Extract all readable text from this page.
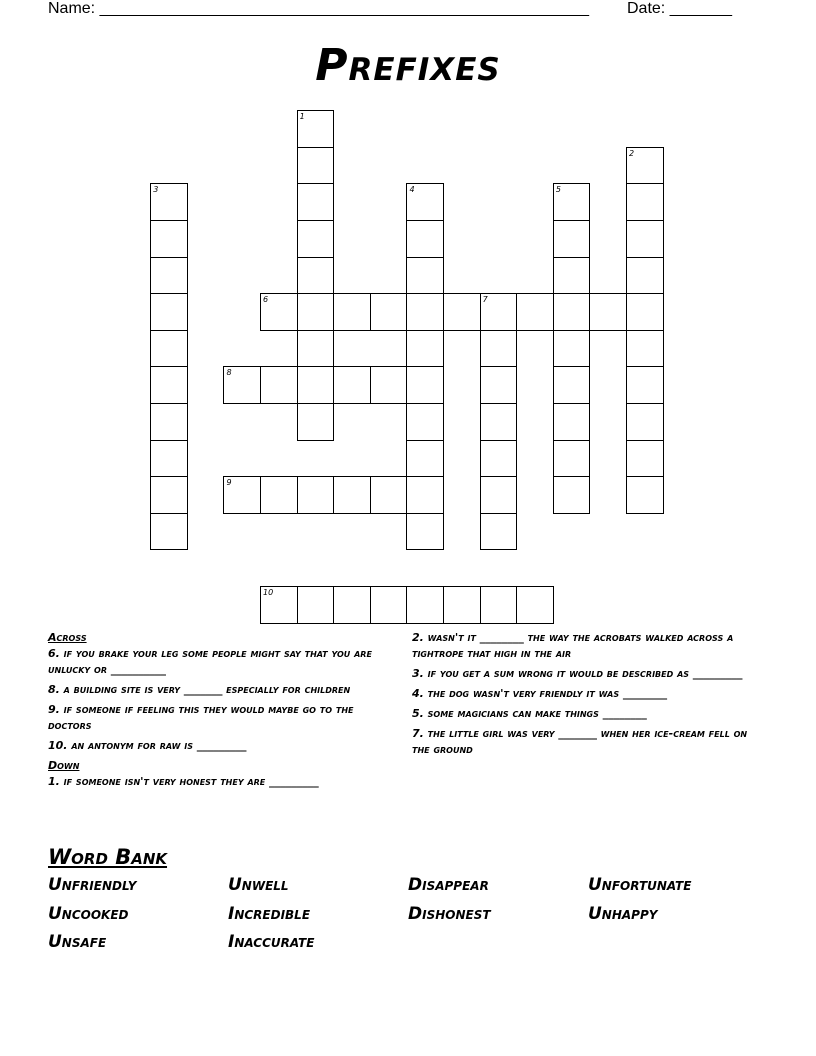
Name: _______________________________________________________ Date: _______
Prefixes
1
2
3	4	5
6	7
8
9
10
Across
6. if you brake your leg some people might say that you are unlucky or __________
8. a building site is very _______ especially for children
9. if someone if feeling this they would maybe go to the doctors
10. an antonym for raw is _________
Down
1. if someone isn't very honest they are _________
2. wasn't it ________ the way the acrobats walked across a tightrope that high in the air
3. if you get a sum wrong it would be described as _________
4. the dog wasn't very friendly it was ________
5. some magicians can make things ________
7. the little girl was very _______ when her ice-cream fell on the ground
Word Bank
Unfriendly	Unwell	Disappear	Unfortunate
Uncooked	Incredible	Dishonest	Unhappy
Unsafe	Inaccurate
